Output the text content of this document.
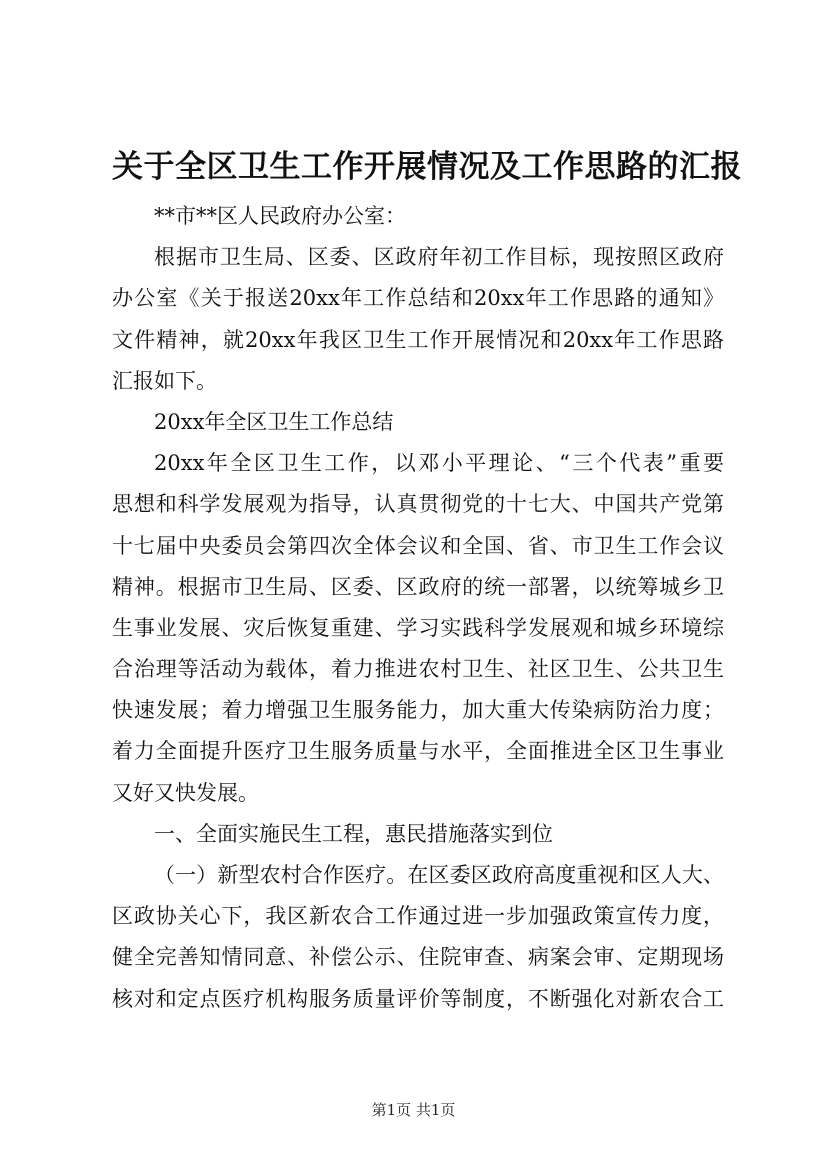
关于全区卫生工作开展情况及工作思路的汇报
**市**区人民政府办公室：
根据市卫生局、区委、区政府年初工作目标，现按照区政府
办公室《关于报送20xx年工作总结和20xx年工作思路的通知》
文件精神，就20xx年我区卫生工作开展情况和20xx年工作思路
汇报如下。
20xx年全区卫生工作总结
20xx年全区卫生工作，以邓小平理论、“三个代表”重要
思想和科学发展观为指导，认真贯彻党的十七大、中国共产党第
十七届中央委员会第四次全体会议和全国、省、市卫生工作会议
精神。根据市卫生局、区委、区政府的统一部署，以统筹城乡卫
生事业发展、灾后恢复重建、学习实践科学发展观和城乡环境综
合治理等活动为载体，着力推进农村卫生、社区卫生、公共卫生
快速发展；着力增强卫生服务能力，加大重大传染病防治力度；
着力全面提升医疗卫生服务质量与水平，全面推进全区卫生事业
又好又快发展。
一、全面实施民生工程，惠民措施落实到位
（一）新型农村合作医疗。在区委区政府高度重视和区人大、
区政协关心下，我区新农合工作通过进一步加强政策宣传力度，
健全完善知情同意、补偿公示、住院审查、病案会审、定期现场
核对和定点医疗机构服务质量评价等制度，不断强化对新农合工
第1页 共1页
